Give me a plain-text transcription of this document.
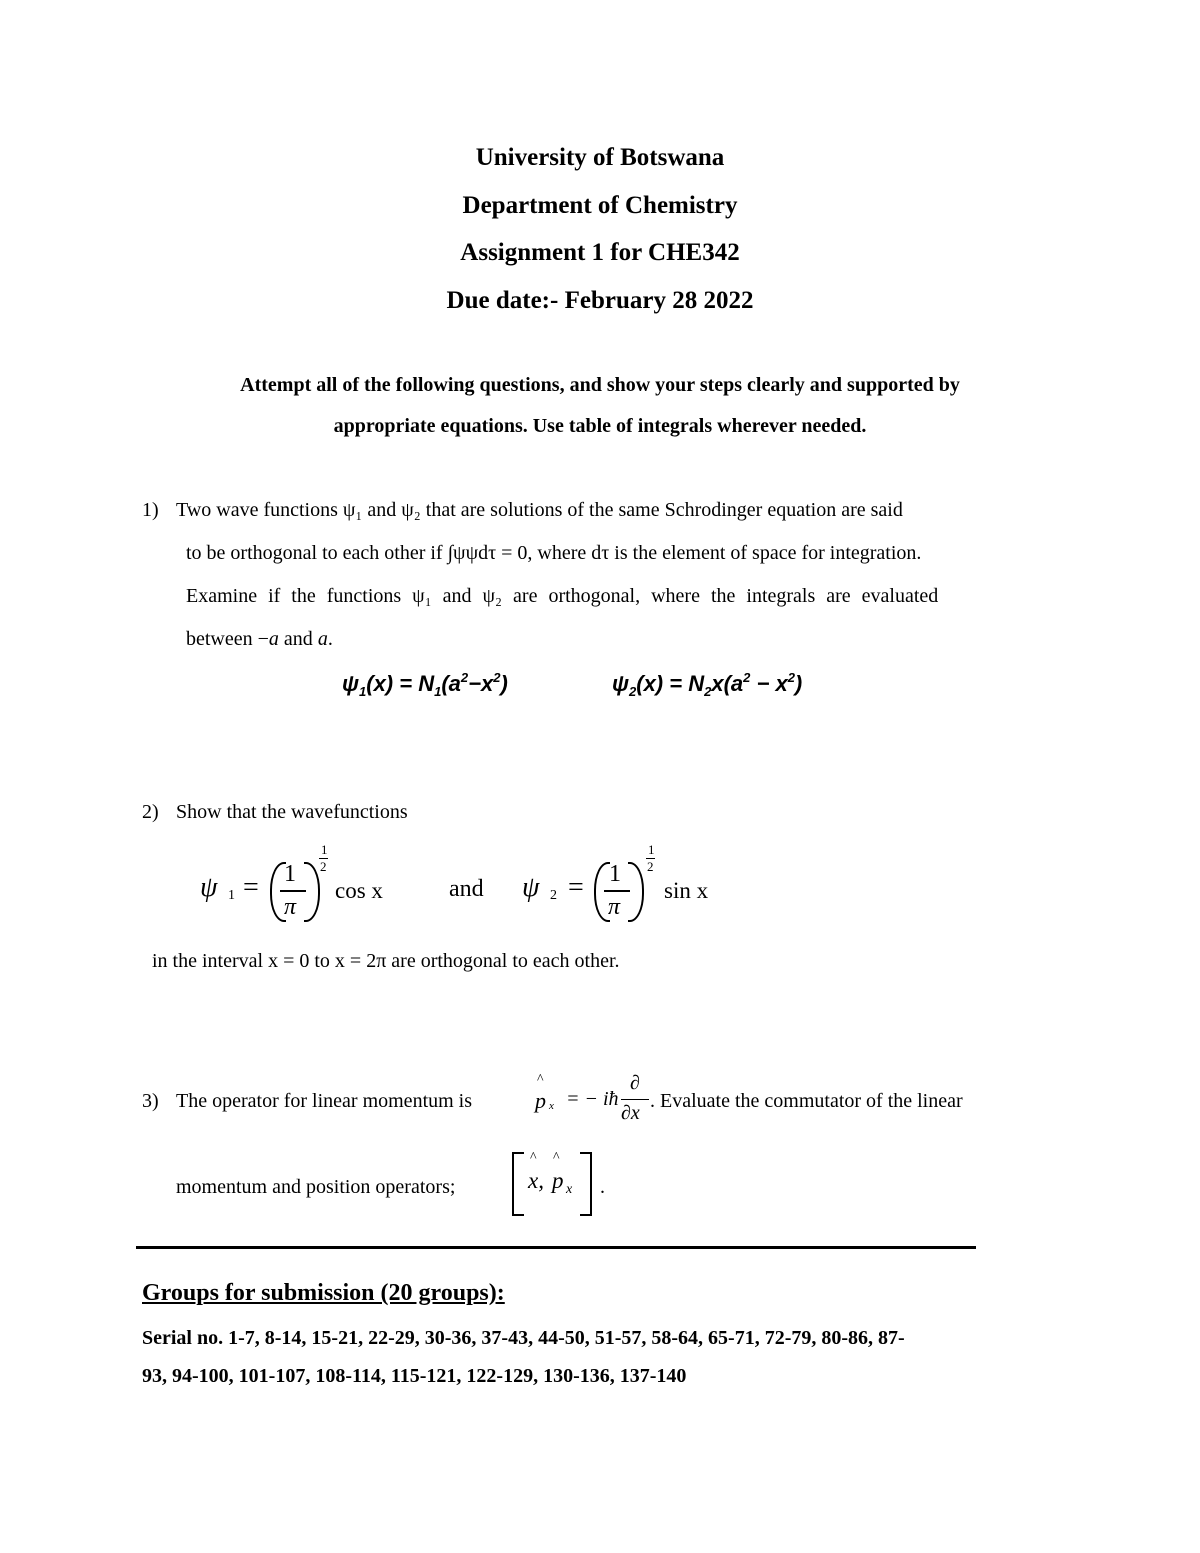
University of Botswana
Department of Chemistry
Assignment 1 for CHE342
Due date:- February 28 2022
Attempt all of the following questions, and show your steps clearly and supported by
appropriate equations. Use table of integrals wherever needed.
1) Two wave functions ψ₁ and ψ₂ that are solutions of the same Schrodinger equation are said
to be orthogonal to each other if ∫ψψdτ = 0, where dτ is the element of space for integration.
Examine if the functions ψ₁ and ψ₂ are orthogonal, where the integrals are evaluated
between −a and a.
$\psi_1(x) = N_1(a^2-x^2)$	$\psi_2(x) = N_2x(a^2 - x^2)$
2) Show that the wavefunctions
ψ 1 = 1
π
1
2
cos x	and ψ 2 = 1
π
1
2
sin x
in the interval x = 0 to x = 2π are orthogonal to each other.
3) The operator for linear momentum is
^
p x = − iħ
∂
∂x
. Evaluate the commutator of the linear
momentum and position operators;
^ ^
x, p x .
Groups for submission (20 groups):
Serial no. 1-7, 8-14, 15-21, 22-29, 30-36, 37-43, 44-50, 51-57, 58-64, 65-71, 72-79, 80-86, 87-
93, 94-100, 101-107, 108-114, 115-121, 122-129, 130-136, 137-140
